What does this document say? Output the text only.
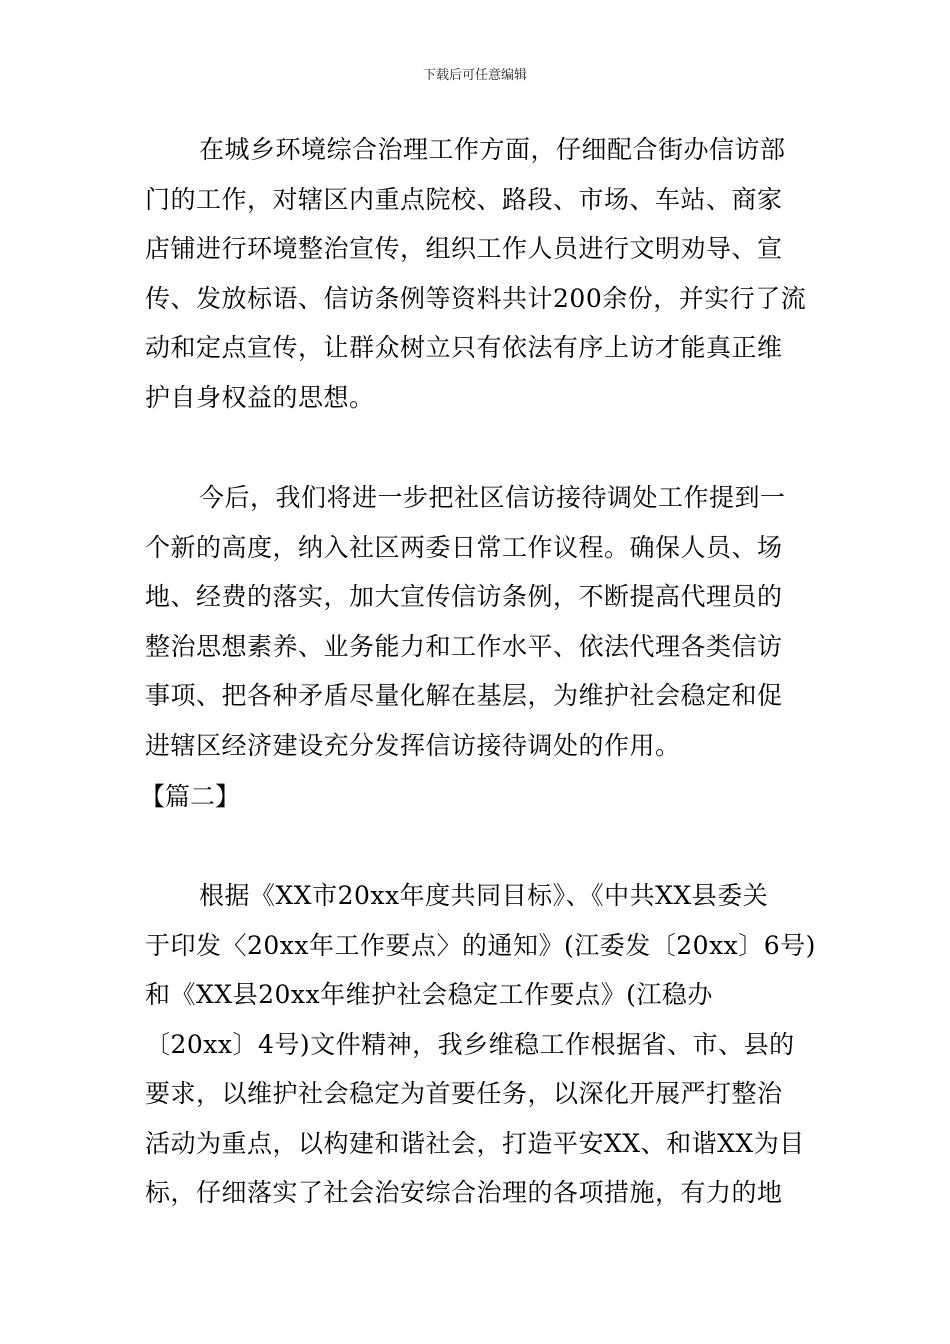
下载后可任意编辑
在城乡环境综合治理工作方面，仔细配合街办信访部
门的工作，对辖区内重点院校、路段、市场、车站、商家
店铺进行环境整治宣传，组织工作人员进行文明劝导、宣
传、发放标语、信访条例等资料共计200余份，并实行了流
动和定点宣传，让群众树立只有依法有序上访才能真正维
护自身权益的思想。
今后，我们将进一步把社区信访接待调处工作提到一
个新的高度，纳入社区两委日常工作议程。确保人员、场
地、经费的落实，加大宣传信访条例，不断提高代理员的
整治思想素养、业务能力和工作水平、依法代理各类信访
事项、把各种矛盾尽量化解在基层，为维护社会稳定和促
进辖区经济建设充分发挥信访接待调处的作用。
【篇二】
根据《XX市20xx年度共同目标》、《中共XX县委关
于印发〈20xx年工作要点〉的通知》(江委发〔20xx〕6号)
和《XX县20xx年维护社会稳定工作要点》(江稳办
〔20xx〕4号)文件精神，我乡维稳工作根据省、市、县的
要求，以维护社会稳定为首要任务，以深化开展严打整治
活动为重点，以构建和谐社会，打造平安XX、和谐XX为目
标，仔细落实了社会治安综合治理的各项措施，有力的地
